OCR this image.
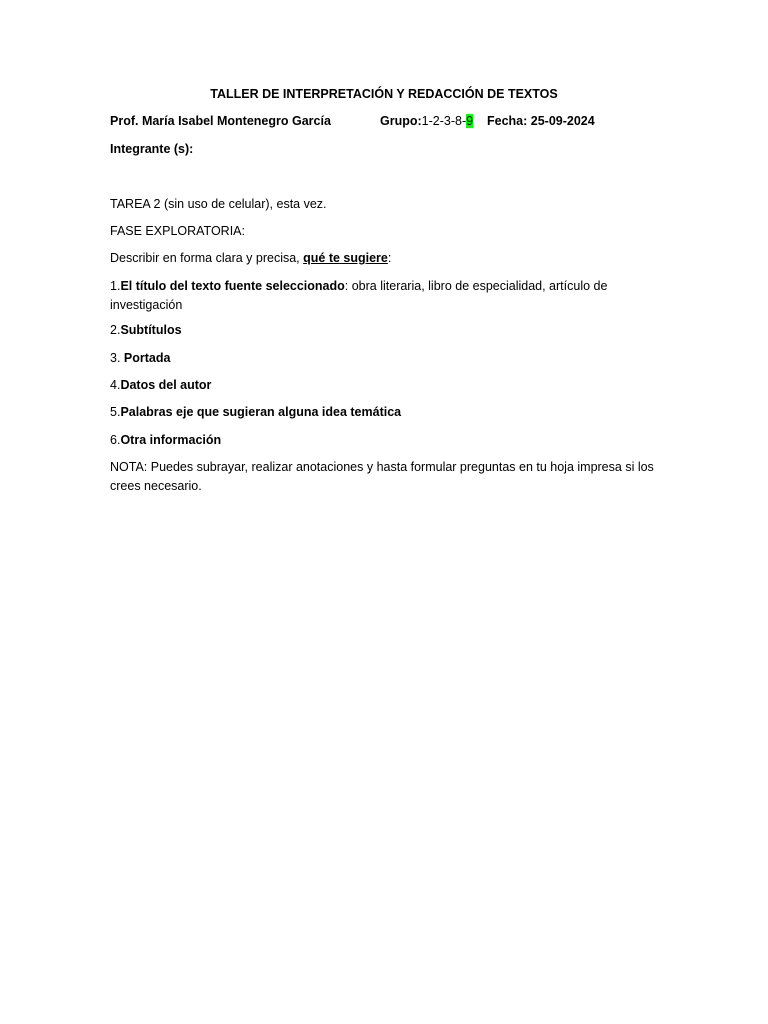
TALLER DE INTERPRETACIÓN Y REDACCIÓN DE TEXTOS
Prof. María Isabel Montenegro García	Grupo:1-2-3-8-9 Fecha: 25-09-2024
Integrante (s):
TAREA 2 (sin uso de celular), esta vez.
FASE EXPLORATORIA:
Describir en forma clara y precisa, qué te sugiere:
1.El título del texto fuente seleccionado: obra literaria, libro de especialidad, artículo de investigación
2.Subtítulos
3. Portada
4.Datos del autor
5.Palabras eje que sugieran alguna idea temática
6.Otra información
NOTA: Puedes subrayar, realizar anotaciones y hasta formular preguntas en tu hoja impresa si los crees necesario.
